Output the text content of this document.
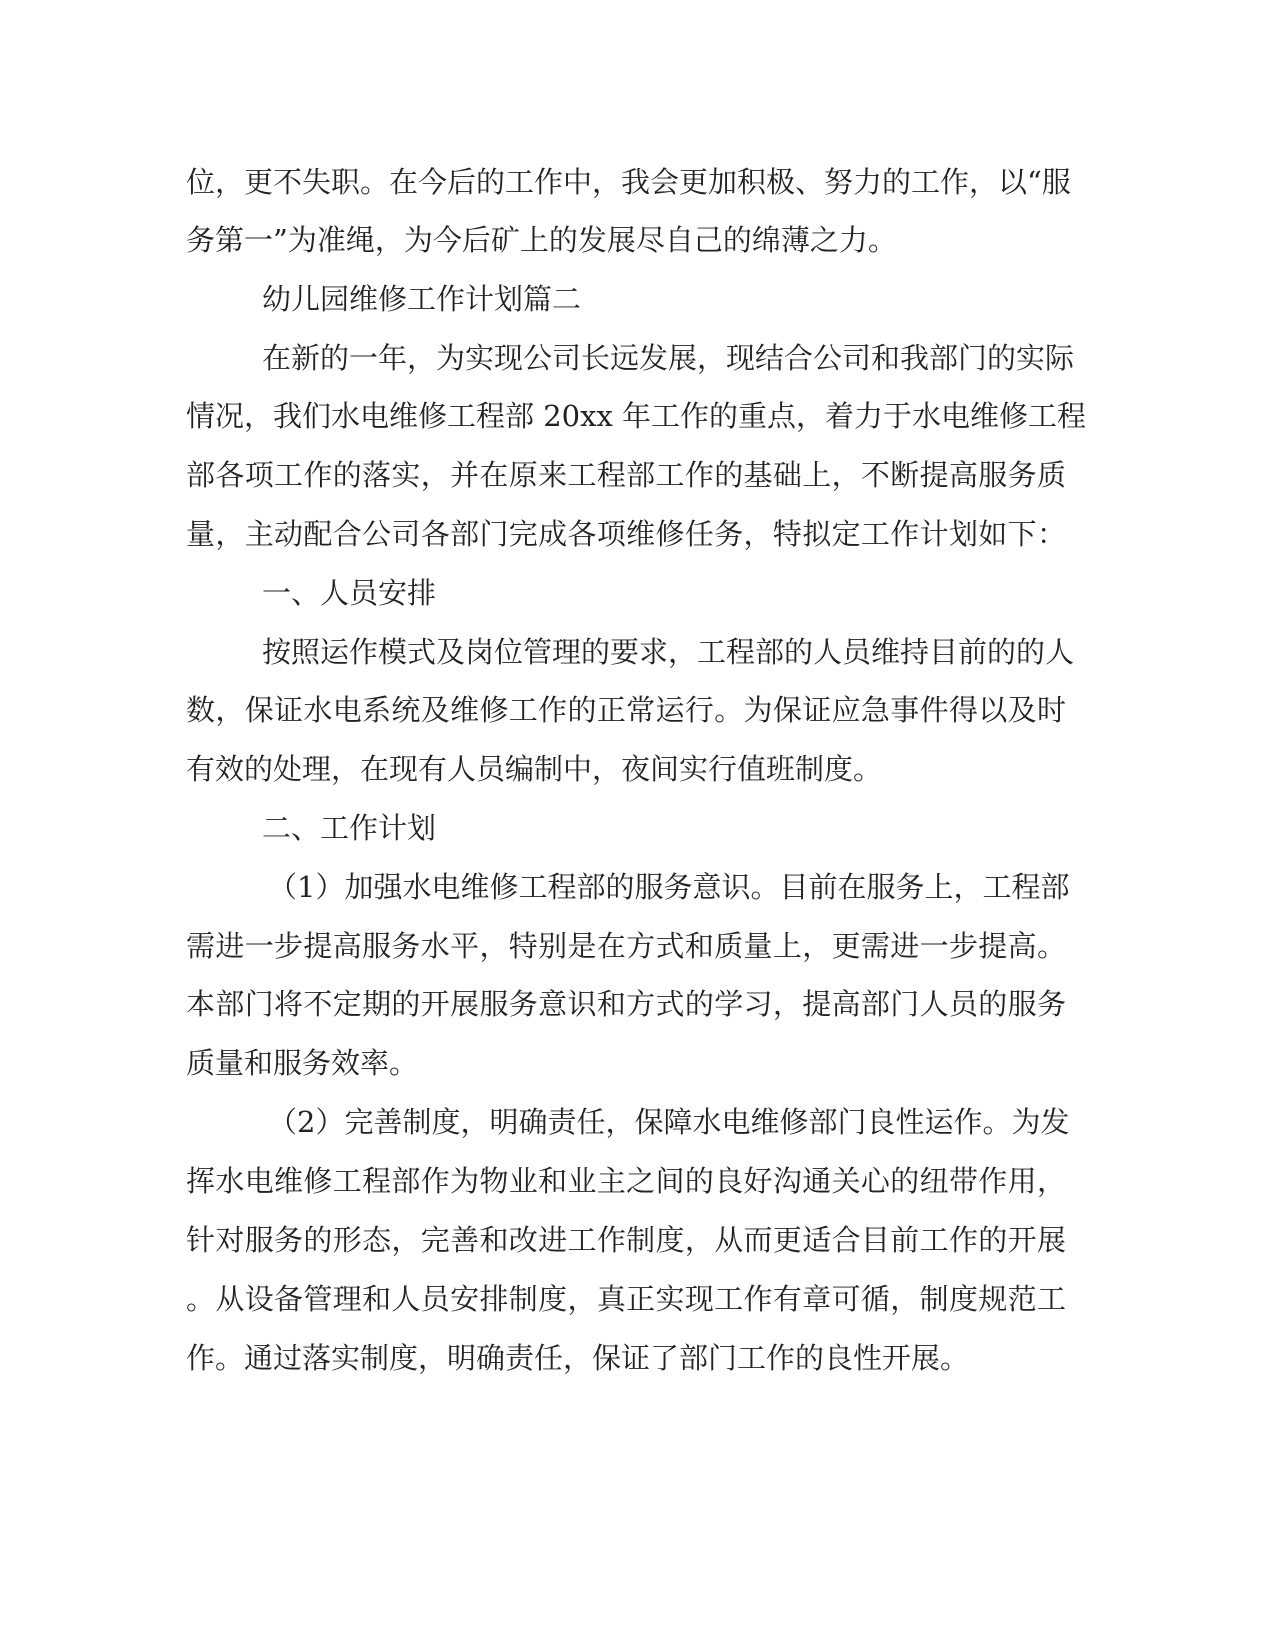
位，更不失职。在今后的工作中，我会更加积极、努力的工作，以“服
务第一”为准绳，为今后矿上的发展尽自己的绵薄之力。
幼儿园维修工作计划篇二
在新的一年，为实现公司长远发展，现结合公司和我部门的实际
情况，我们水电维修工程部 20xx 年工作的重点，着力于水电维修工程
部各项工作的落实，并在原来工程部工作的基础上，不断提高服务质
量，主动配合公司各部门完成各项维修任务，特拟定工作计划如下：
一、人员安排
按照运作模式及岗位管理的要求，工程部的人员维持目前的的人
数，保证水电系统及维修工作的正常运行。为保证应急事件得以及时
有效的处理，在现有人员编制中，夜间实行值班制度。
二、工作计划
（1）加强水电维修工程部的服务意识。目前在服务上，工程部
需进一步提高服务水平，特别是在方式和质量上，更需进一步提高。
本部门将不定期的开展服务意识和方式的学习，提高部门人员的服务
质量和服务效率。
（2）完善制度，明确责任，保障水电维修部门良性运作。为发
挥水电维修工程部作为物业和业主之间的良好沟通关心的纽带作用，
针对服务的形态，完善和改进工作制度，从而更适合目前工作的开展
。从设备管理和人员安排制度，真正实现工作有章可循，制度规范工
作。通过落实制度，明确责任，保证了部门工作的良性开展。
